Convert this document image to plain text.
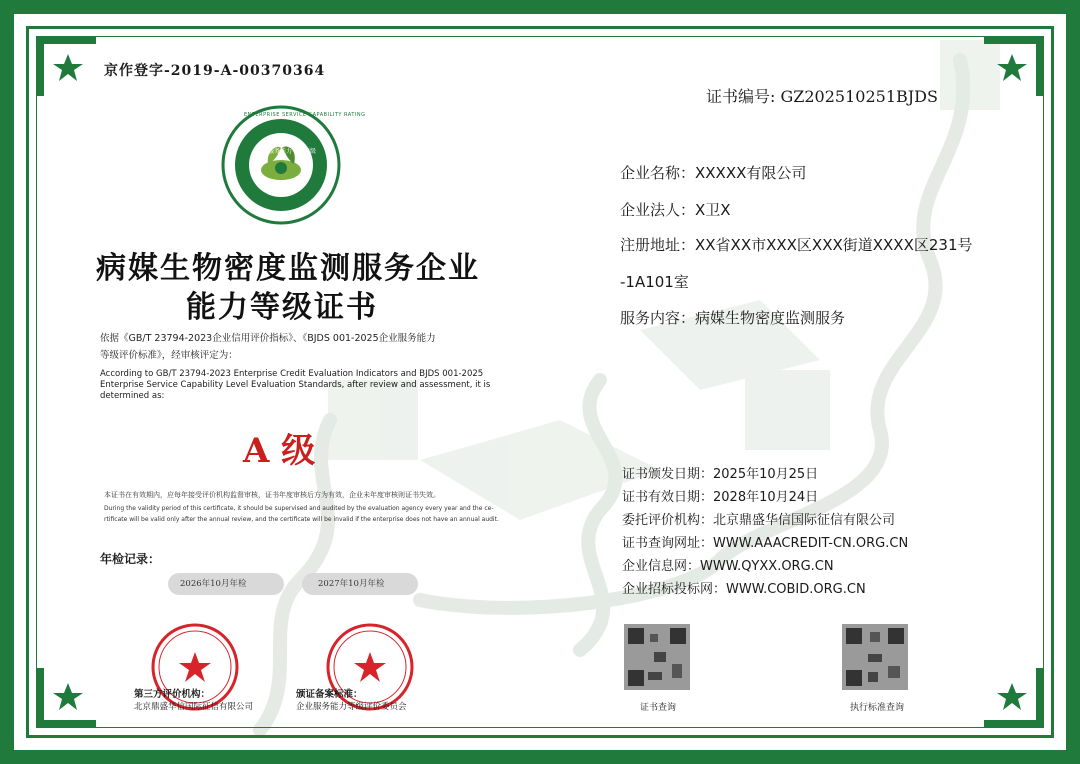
京作登字-2019-A-00370364
证书编号: GZ202510251BJDS
ENTERPRISE SERVICE CAPABILITY RATING
企业服务能力等级评级
病媒生物密度监测服务企业
能力等级证书
依据《GB/T 23794-2023企业信用评价指标》、《BJDS 001-2025企业服务能力
等级评价标准》，经审核评定为：
According to GB/T 23794-2023 Enterprise Credit Evaluation Indicators and BJDS 001-2025
Enterprise Service Capability Level Evaluation Standards, after review and assessment, it is
determined as:
A 级
本证书在有效期内，应每年接受评价机构监督审核，证书年度审核后方为有效，企业未年度审核则证书失效。
During the validity period of this certificate, it should be supervised and audited by the evaluation agency every year and the ce-
rtificate will be valid only after the annual review, and the certificate will be invalid if the enterprise does not have an annual audit.
年检记录：
2026年10月年检	2027年10月年检
第三方评价机构：
北京鼎盛华信国际征信有限公司
颁证备案标准：
企业服务能力等级评价委员会
企业名称：XXXXX有限公司
企业法人：X卫X
注册地址：XX省XX市XXX区XXX街道XXXX区231号
-1A101室
服务内容：病媒生物密度监测服务
证书颁发日期：2025年10月25日
证书有效日期：2028年10月24日
委托评价机构：北京鼎盛华信国际征信有限公司
证书查询网址：WWW.AAACREDIT-CN.ORG.CN
企业信息网：WWW.QYXX.ORG.CN
企业招标投标网：WWW.COBID.ORG.CN
证书查询	执行标准查询
